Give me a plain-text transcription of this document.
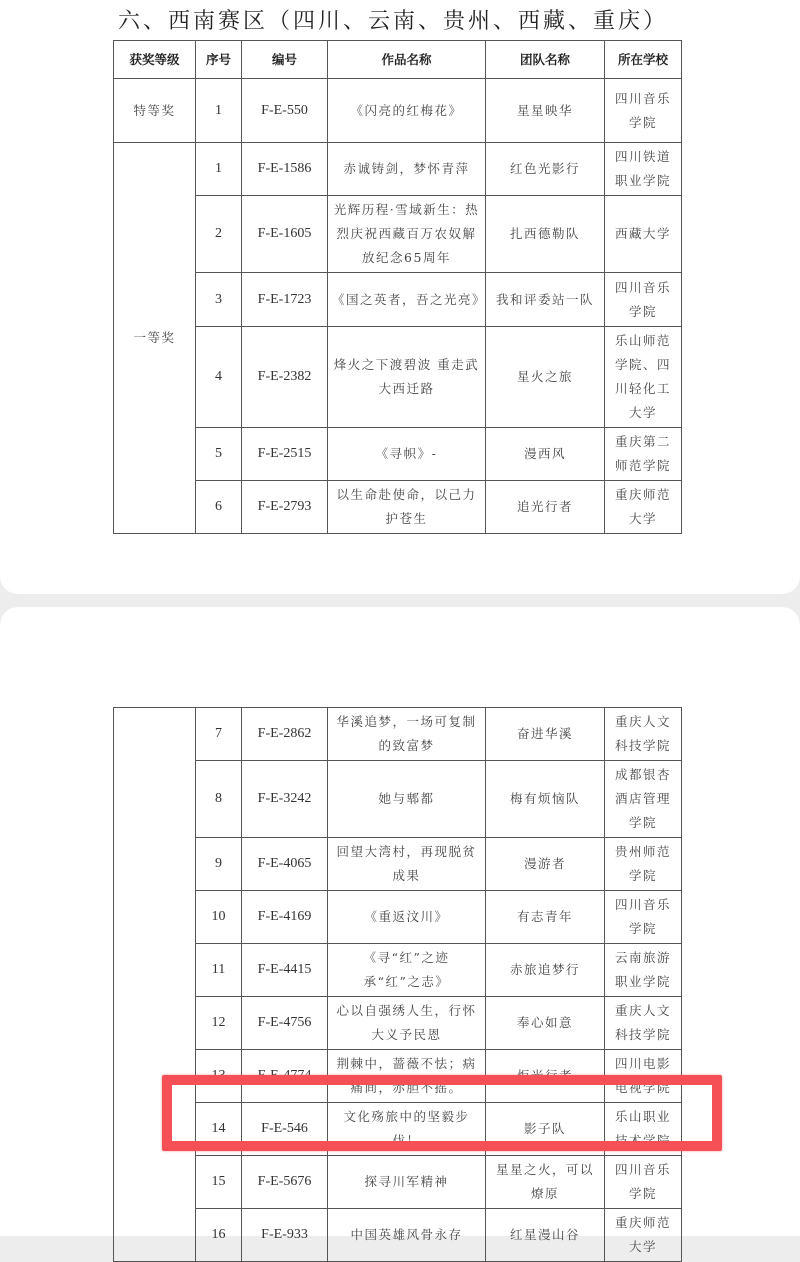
六、西南赛区（四川、云南、贵州、西藏、重庆）
获奖等级	序号	编号	作品名称	团队名称	所在学校
特等奖	1	F-E-550	《闪亮的红梅花》	星星映华	四川音乐学院
一等奖	1	F-E-1586	赤诚铸剑，梦怀青萍	红色光影行	四川铁道职业学院
	2	F-E-1605	光辉历程·雪域新生：热烈庆祝西藏百万农奴解放纪念65周年	扎西德勒队	西藏大学
	3	F-E-1723	《国之英者，吾之光亮》	我和评委站一队	四川音乐学院
	4	F-E-2382	烽火之下渡碧波 重走武大西迁路	星火之旅	乐山师范学院、四川轻化工大学
	5	F-E-2515	《寻帜》-	漫西风	重庆第二师范学院
	6	F-E-2793	以生命赴使命，以己力护苍生	追光行者	重庆师范大学
	7	F-E-2862	华溪追梦，一场可复制的致富梦	奋进华溪	重庆人文科技学院
	8	F-E-3242	她与郫都	梅有烦恼队	成都银杏酒店管理学院
	9	F-E-4065	回望大湾村，再现脱贫成果	漫游者	贵州师范学院
	10	F-E-4169	《重返汶川》	有志青年	四川音乐学院
	11	F-E-4415	《寻“红”之迹　承“红”之志》	赤旅追梦行	云南旅游职业学院
	12	F-E-4756	心以自强绣人生，行怀大义予民恩	奉心如意	重庆人文科技学院
	13	F-E-4774	荆棘中，蔷薇不怯；病痛间，赤胆不摇。	炬光行者	四川电影电视学院
	14	F-E-546	文化殇旅中的坚毅步伐！	影子队	乐山职业技术学院
	15	F-E-5676	探寻川军精神	星星之火，可以燎原	四川音乐学院
	16	F-E-933	中国英雄风骨永存	红星漫山谷	重庆师范大学
